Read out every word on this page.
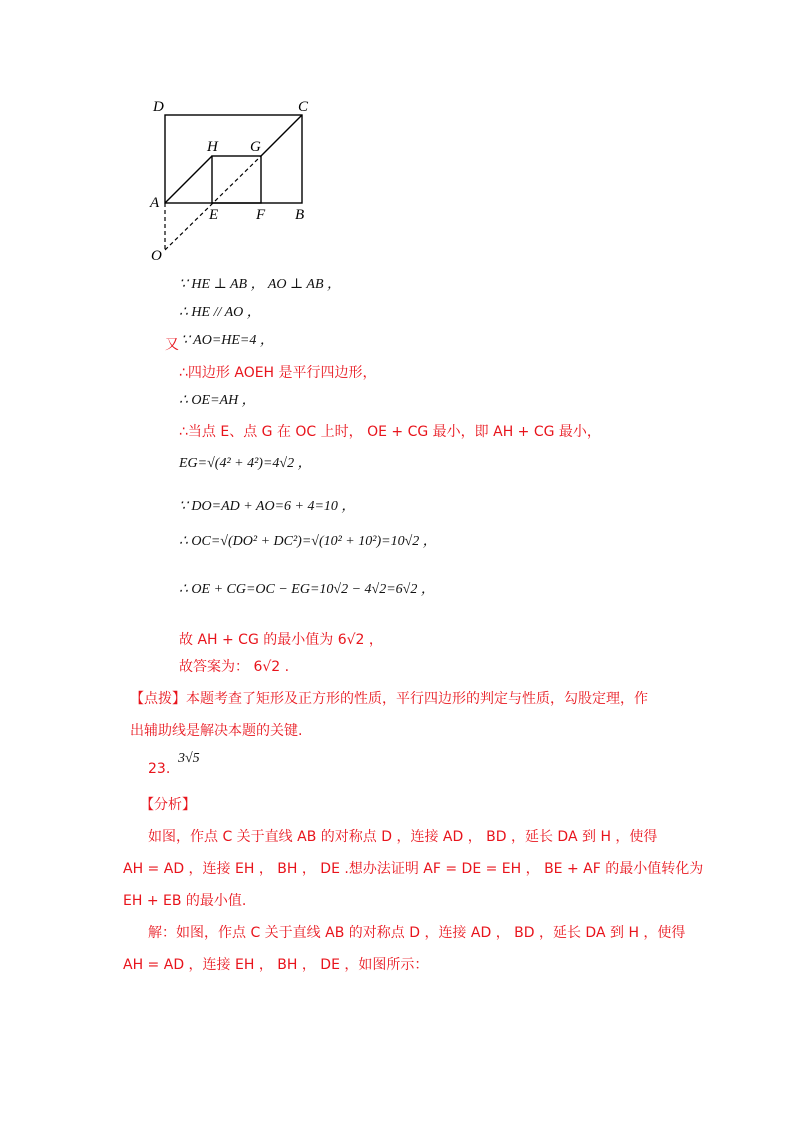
D	C
H G
A
E	F B
O
∵ HE ⊥ AB ， AO ⊥ AB ，
∴ HE // AO ，
又 ∵ AO=HE=4 ，
∴四边形 AOEH 是平行四边形，
∴ OE=AH ，
∴当点 E、点 G 在 OC 上时， OE + CG 最小，即 AH + CG 最小，
EG=√(4² + 4²)=4√2 ，
∵ DO=AD + AO=6 + 4=10 ，
∴ OC=√(DO² + DC²)=√(10² + 10²)=10√2 ，
∴ OE + CG=OC − EG=10√2 − 4√2=6√2 ，
故 AH + CG 的最小值为 6√2 ，
故答案为： 6√2 .
【点拨】本题考查了矩形及正方形的性质，平行四边形的判定与性质，勾股定理，作
出辅助线是解决本题的关键.
23.
3√5
【分析】
如图，作点 C 关于直线 AB 的对称点 D ，连接 AD ， BD ，延长 DA 到 H ，使得
AH = AD ，连接 EH ， BH ， DE .想办法证明 AF = DE = EH ， BE + AF 的最小值转化为
EH + EB 的最小值.
解：如图，作点 C 关于直线 AB 的对称点 D ，连接 AD ， BD ，延长 DA 到 H ，使得
AH = AD ，连接 EH ， BH ， DE ，如图所示：
